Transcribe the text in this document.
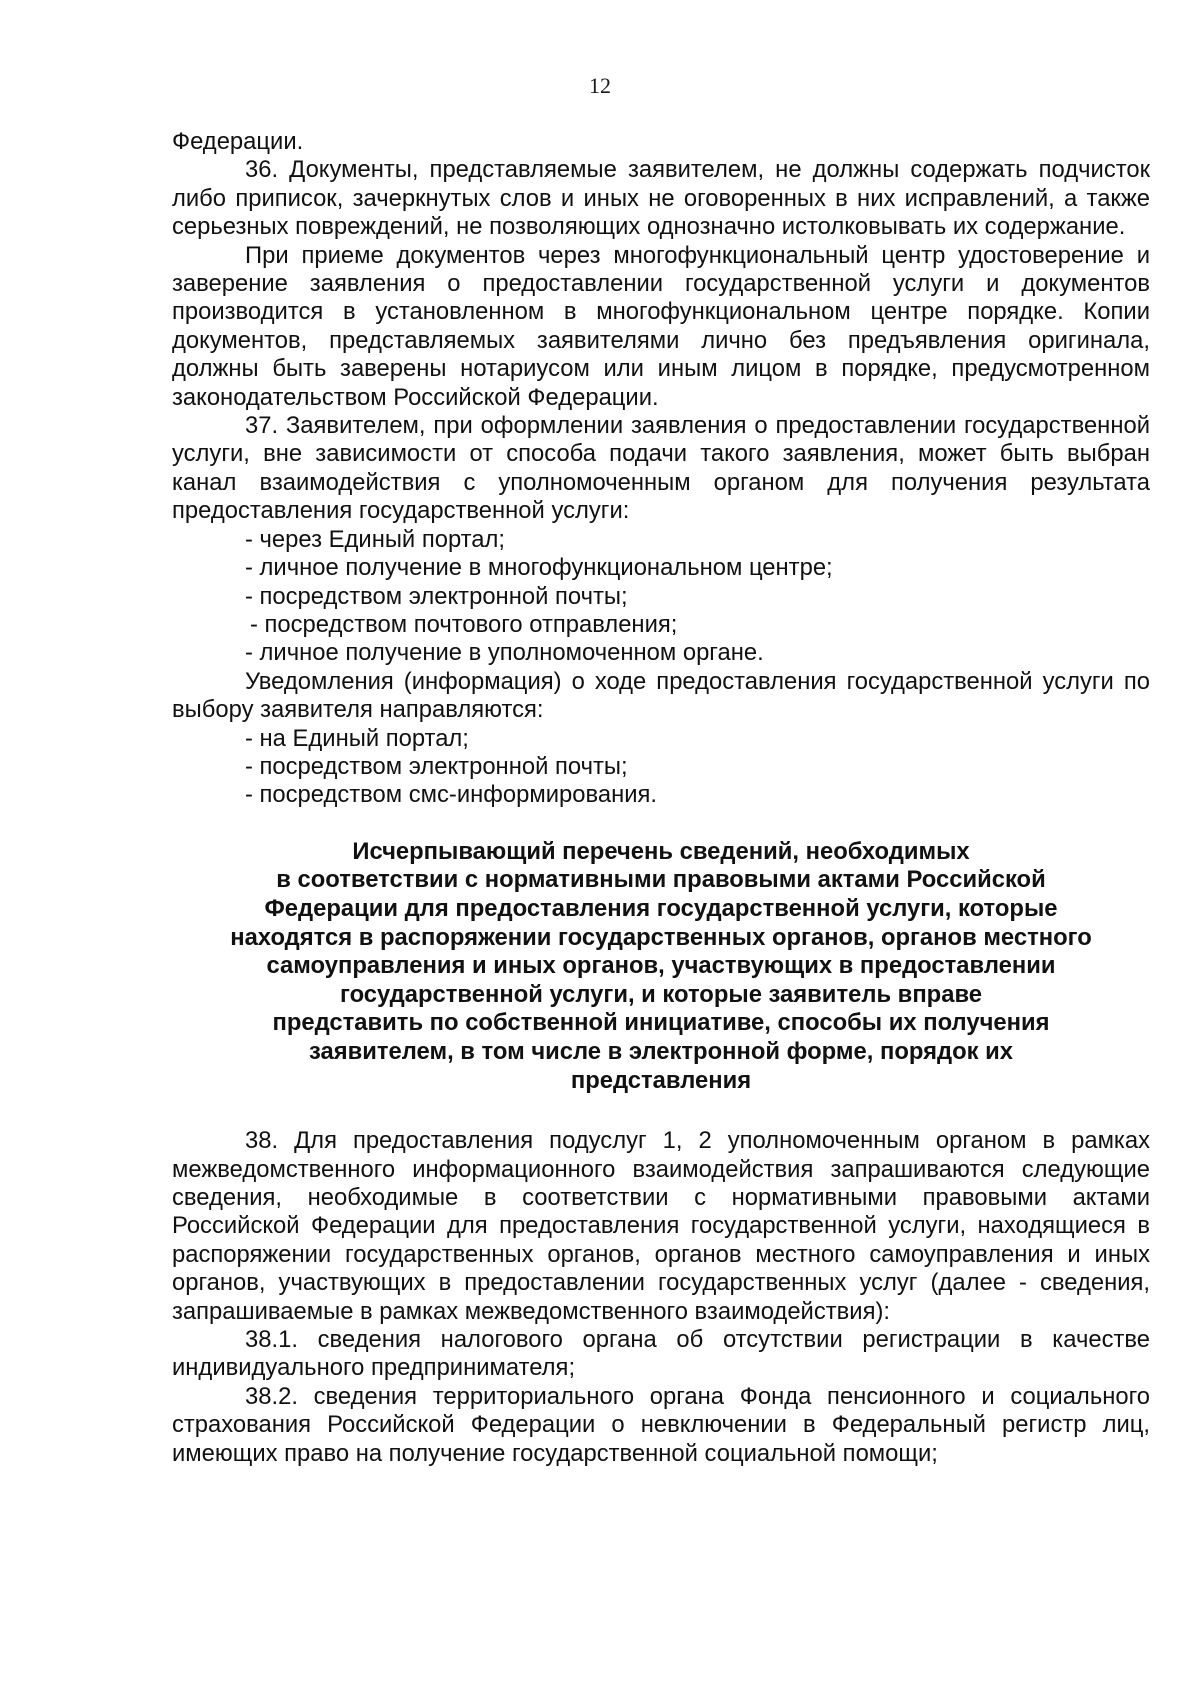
12

Федерации.

36. Документы, представляемые заявителем, не должны содержать подчисток либо приписок, зачеркнутых слов и иных не оговоренных в них исправлений, а также серьезных повреждений, не позволяющих однозначно истолковывать их содержание.

При приеме документов через многофункциональный центр удостоверение и заверение заявления о предоставлении государственной услуги и документов производится в установленном в многофункциональном центре порядке. Копии документов, представляемых заявителями лично без предъявления оригинала, должны быть заверены нотариусом или иным лицом в порядке, предусмотренном законодательством Российской Федерации.

37. Заявителем, при оформлении заявления о предоставлении государственной услуги, вне зависимости от способа подачи такого заявления, может быть выбран канал взаимодействия с уполномоченным органом для получения результата предоставления государственной услуги:

- через Единый портал;

- личное получение в многофункциональном центре;

- посредством электронной почты;

- посредством почтового отправления;

- личное получение в уполномоченном органе.

Уведомления (информация) о ходе предоставления государственной услуги по выбору заявителя направляются:

- на Единый портал;

- посредством электронной почты;

- посредством смс-информирования.

Исчерпывающий перечень сведений, необходимых
в соответствии с нормативными правовыми актами Российской
Федерации для предоставления государственной услуги, которые
находятся в распоряжении государственных органов, органов местного
самоуправления и иных органов, участвующих в предоставлении
государственной услуги, и которые заявитель вправе
представить по собственной инициативе, способы их получения
заявителем, в том числе в электронной форме, порядок их
представления

38. Для предоставления подуслуг 1, 2 уполномоченным органом в рамках межведомственного информационного взаимодействия запрашиваются следующие сведения, необходимые в соответствии с нормативными правовыми актами Российской Федерации для предоставления государственной услуги, находящиеся в распоряжении государственных органов, органов местного самоуправления и иных органов, участвующих в предоставлении государственных услуг (далее - сведения, запрашиваемые в рамках межведомственного взаимодействия):

38.1. сведения налогового органа об отсутствии регистрации в качестве индивидуального предпринимателя;

38.2. сведения территориального органа Фонда пенсионного и социального страхования Российской Федерации о невключении в Федеральный регистр лиц, имеющих право на получение государственной социальной помощи;
